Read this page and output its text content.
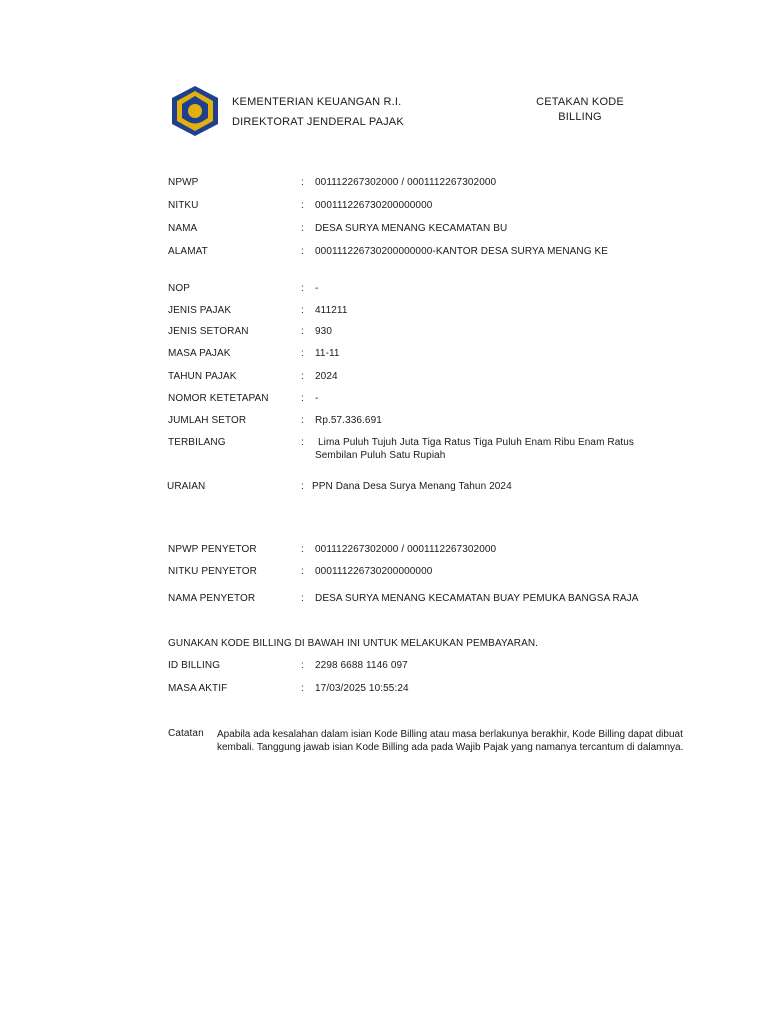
KEMENTERIAN KEUANGAN R.I.
DIREKTORAT JENDERAL PAJAK
CETAKAN KODE
BILLING
NPWP	: 001112267302000 / 0001112267302000
NITKU	: 000111226730200000000
NAMA	: DESA SURYA MENANG KECAMATAN BU
ALAMAT	: 000111226730200000000-KANTOR DESA SURYA MENANG KE
NOP	: -
JENIS PAJAK	: 411211
JENIS SETORAN	: 930
MASA PAJAK	: 11-11
TAHUN PAJAK	: 2024
NOMOR KETETAPAN	: -
JUMLAH SETOR	: Rp.57.336.691
TERBILANG	: Lima Puluh Tujuh Juta Tiga Ratus Tiga Puluh Enam Ribu Enam Ratus
Sembilan Puluh Satu Rupiah
URAIAN	: PPN Dana Desa Surya Menang Tahun 2024
NPWP PENYETOR	: 001112267302000 / 0001112267302000
NITKU PENYETOR	: 000111226730200000000
NAMA PENYETOR	: DESA SURYA MENANG KECAMATAN BUAY PEMUKA BANGSA RAJA
GUNAKAN KODE BILLING DI BAWAH INI UNTUK MELAKUKAN PEMBAYARAN.
ID BILLING	: 2298 6688 1146 097
MASA AKTIF	: 17/03/2025 10:55:24
Catatan Apabila ada kesalahan dalam isian Kode Billing atau masa berlakunya berakhir, Kode Billing dapat dibuat kembali. Tanggung jawab isian Kode Billing ada pada Wajib Pajak yang namanya tercantum di dalamnya.
